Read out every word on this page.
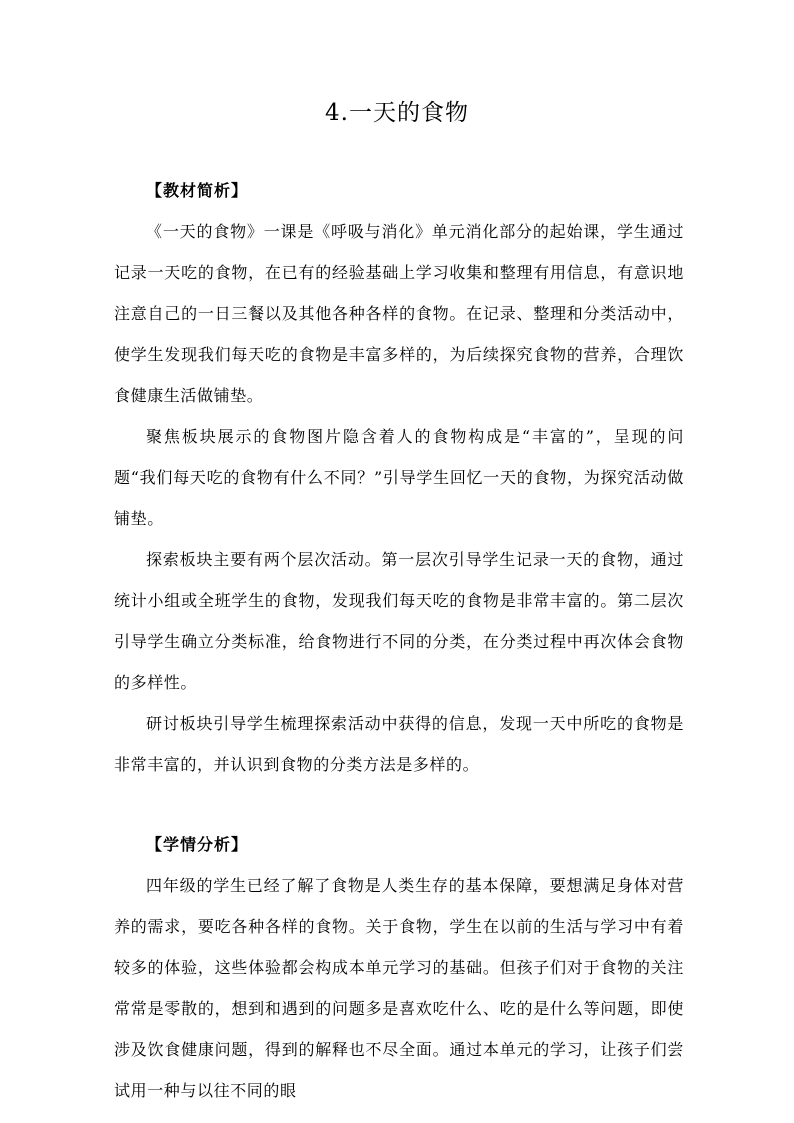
4.一天的食物
【教材简析】

《一天的食物》一课是《呼吸与消化》单元消化部分的起始课，学生通过记录一天吃的食物，在已有的经验基础上学习收集和整理有用信息，有意识地注意自己的一日三餐以及其他各种各样的食物。在记录、整理和分类活动中，使学生发现我们每天吃的食物是丰富多样的，为后续探究食物的营养，合理饮食健康生活做铺垫。

聚焦板块展示的食物图片隐含着人的食物构成是“丰富的”，呈现的问题“我们每天吃的食物有什么不同？”引导学生回忆一天的食物，为探究活动做铺垫。

探索板块主要有两个层次活动。第一层次引导学生记录一天的食物，通过统计小组或全班学生的食物，发现我们每天吃的食物是非常丰富的。第二层次引导学生确立分类标准，给食物进行不同的分类，在分类过程中再次体会食物的多样性。

研讨板块引导学生梳理探索活动中获得的信息，发现一天中所吃的食物是非常丰富的，并认识到食物的分类方法是多样的。

【学情分析】

四年级的学生已经了解了食物是人类生存的基本保障，要想满足身体对营养的需求，要吃各种各样的食物。关于食物，学生在以前的生活与学习中有着较多的体验，这些体验都会构成本单元学习的基础。但孩子们对于食物的关注常常是零散的，想到和遇到的问题多是喜欢吃什么、吃的是什么等问题，即使涉及饮食健康问题，得到的解释也不尽全面。通过本单元的学习，让孩子们尝试用一种与以往不同的眼
